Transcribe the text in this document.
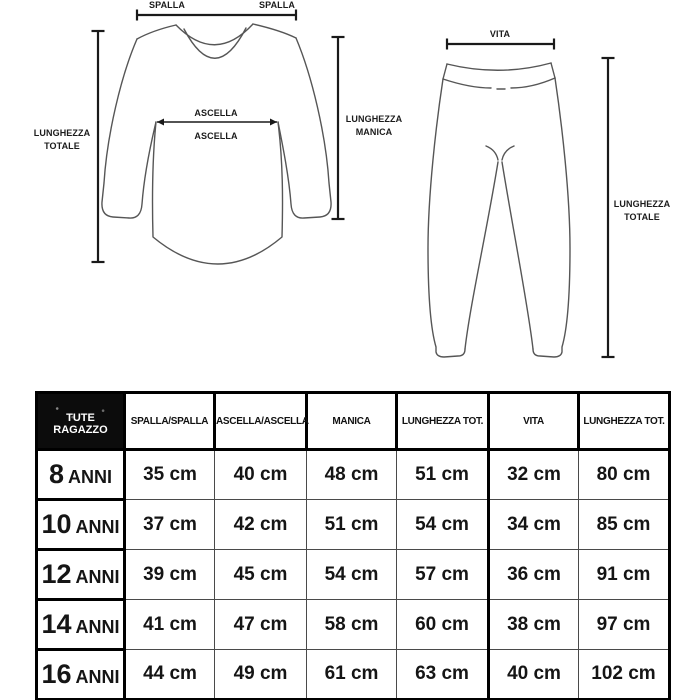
SPALLA	SPALLA
LUNGHEZZA
TOTALE
ASCELLA
ASCELLA
LUNGHEZZA
MANICA
VITA
LUNGHEZZA
TOTALE
TUTE RAGAZZO	SPALLA/SPALLA	ASCELLA/ASCELLA	MANICA	LUNGHEZZA TOT.	VITA	LUNGHEZZA TOT.
8 ANNI	35 cm	40 cm	48 cm	51 cm	32 cm	80 cm
10 ANNI	37 cm	42 cm	51 cm	54 cm	34 cm	85 cm
12 ANNI	39 cm	45 cm	54 cm	57 cm	36 cm	91 cm
14 ANNI	41 cm	47 cm	58 cm	60 cm	38 cm	97 cm
16 ANNI	44 cm	49 cm	61 cm	63 cm	40 cm	102 cm
